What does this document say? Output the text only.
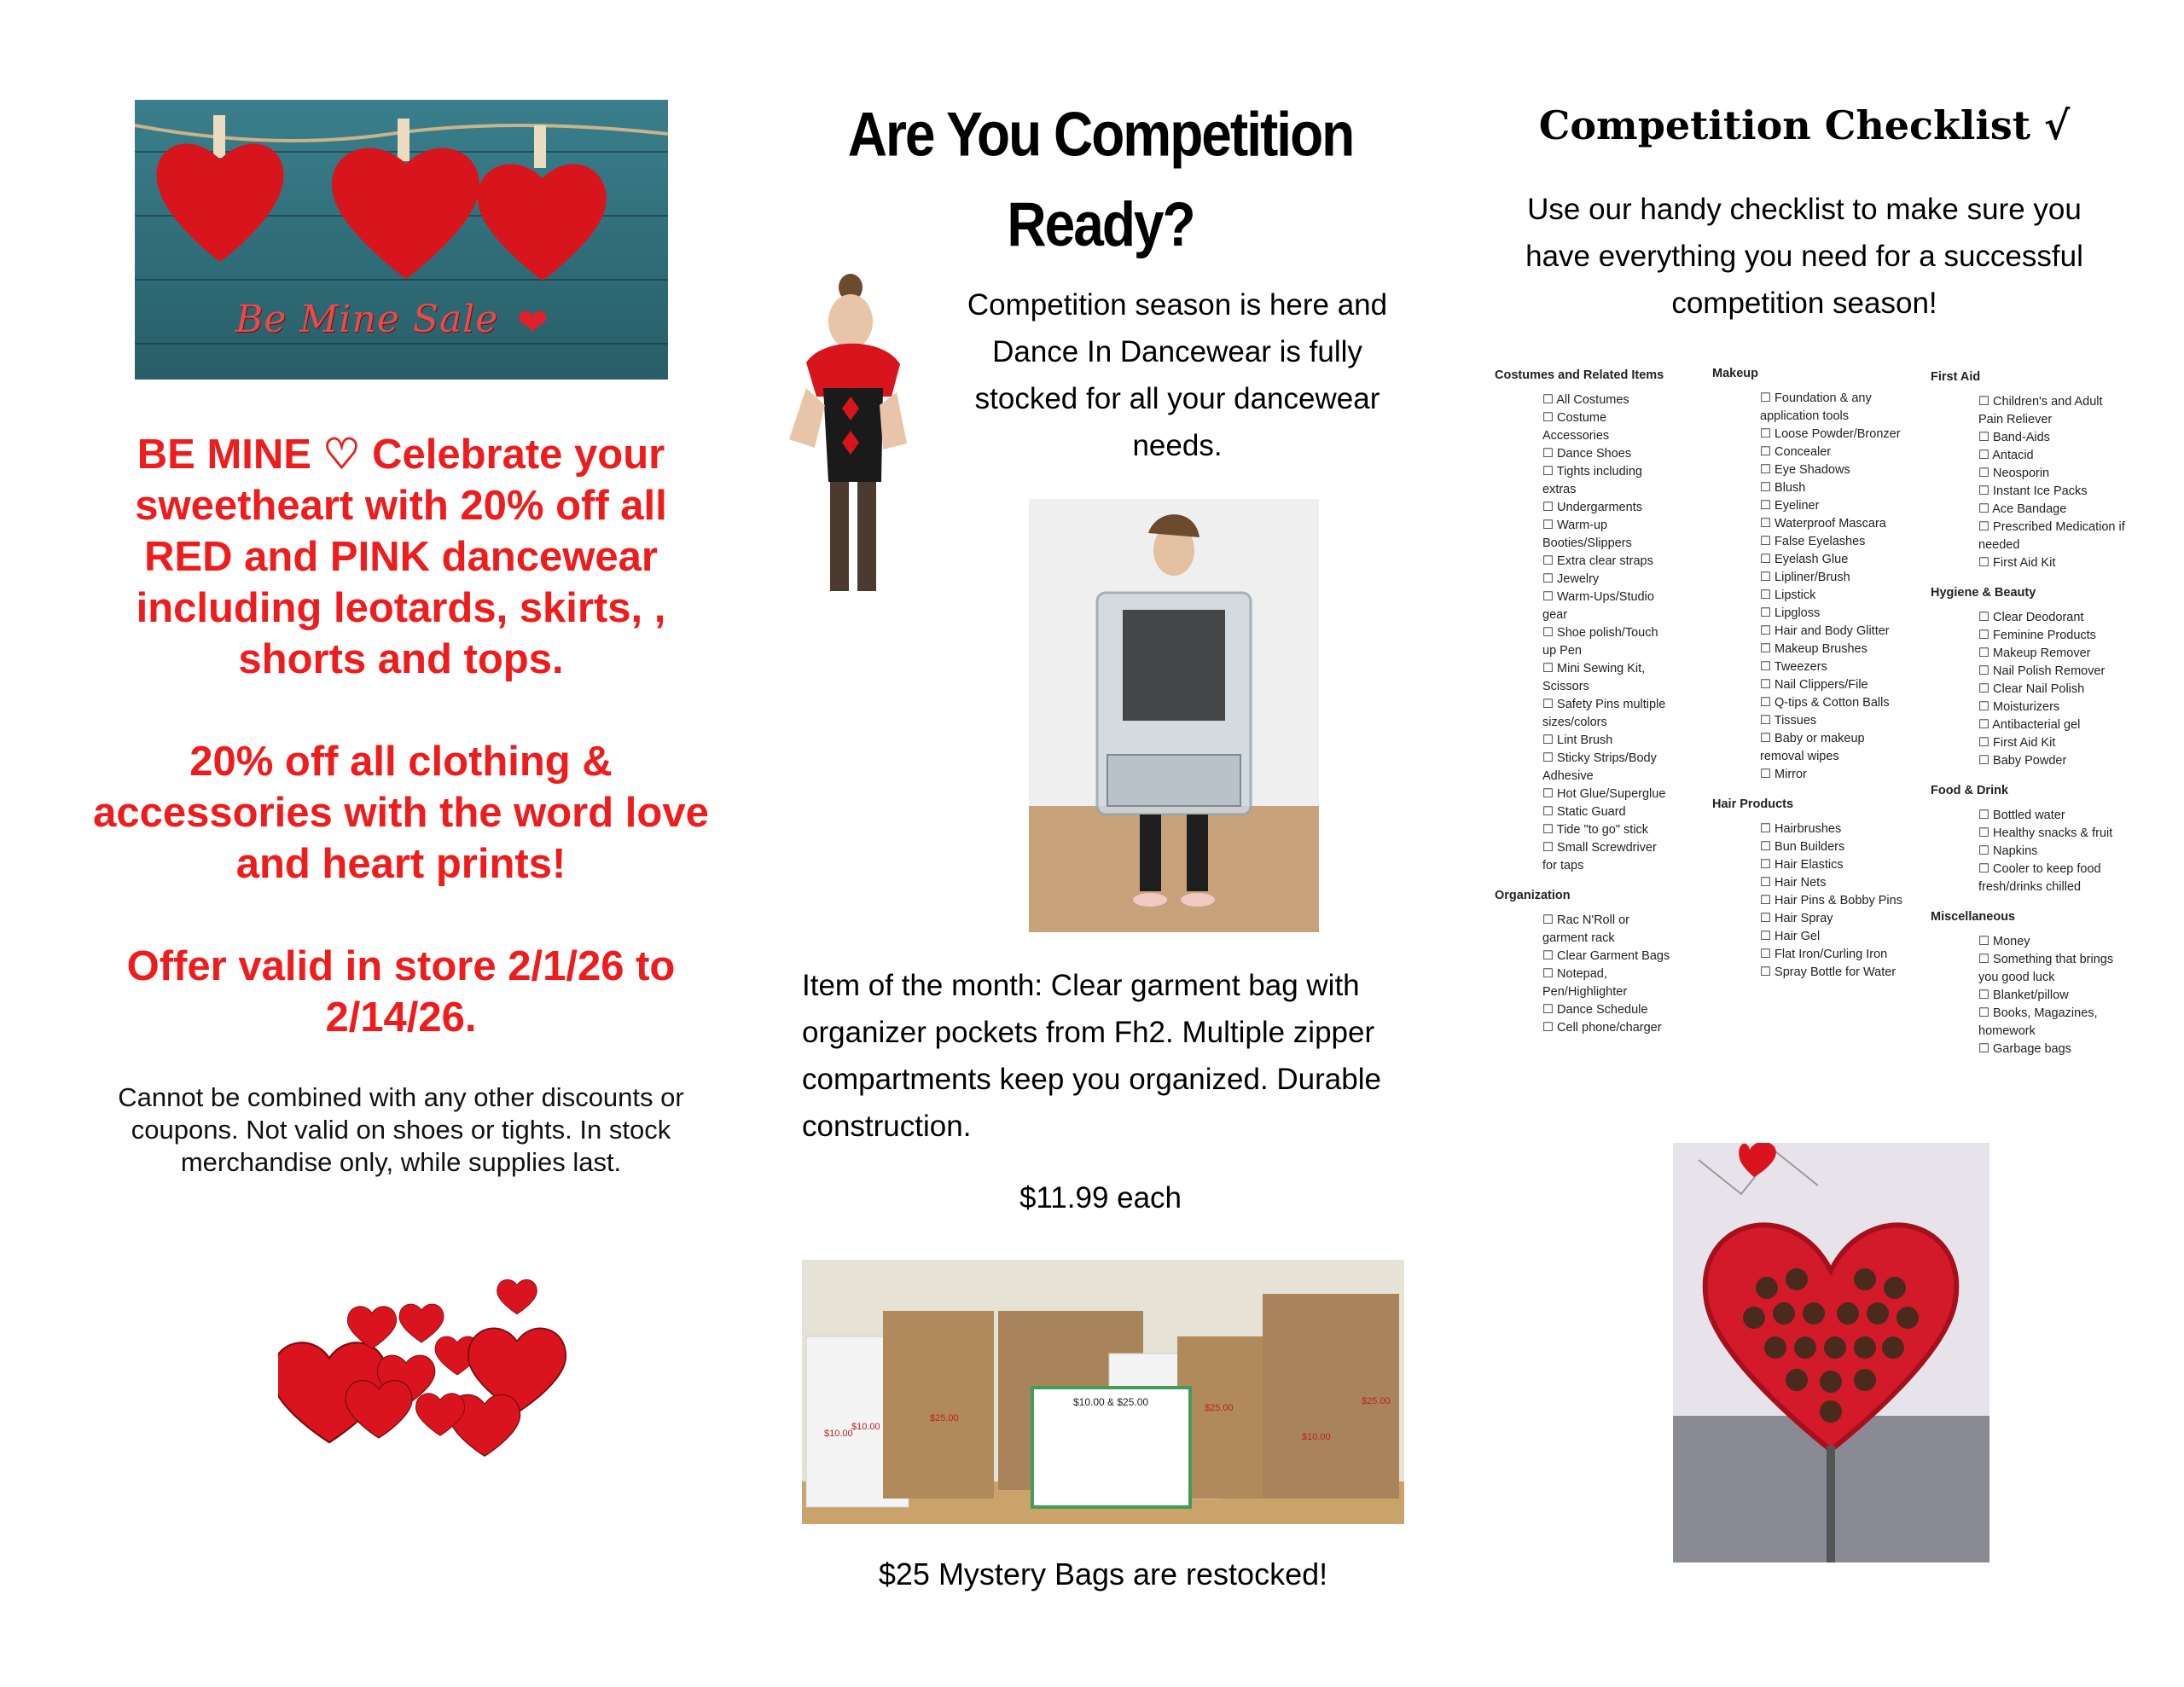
Be Mine Sale ❤

BE MINE ♡ Celebrate your sweetheart with 20% off all RED and PINK dancewear including leotards, skirts, , shorts and tops.

20% off all clothing & accessories with the word love and heart prints!

Offer valid in store 2/1/26 to 2/14/26.

Cannot be combined with any other discounts or coupons. Not valid on shoes or tights. In stock merchandise only, while supplies last.
Are You Competition Ready?
Competition season is here and Dance In Dancewear is fully stocked for all your dancewear needs.
Item of the month: Clear garment bag with organizer pockets from Fh2. Multiple zipper compartments keep you organized. Durable construction.
$11.99 each
$10.00
$25.00
$10.00 & $25.00	$25.00
$10.00
$25.00
$10.00
$25 Mystery Bags are restocked!
Competition Checklist √
Use our handy checklist to make sure you have everything you need for a successful competition season!
Costumes and Related Items
☐ All Costumes
☐ Costume Accessories
☐ Dance Shoes
☐ Tights including extras
☐ Undergarments
☐ Warm-up Booties/Slippers
☐ Extra clear straps
☐ Jewelry
☐ Warm-Ups/Studio gear
☐ Shoe polish/Touch up Pen
☐ Mini Sewing Kit, Scissors
☐ Safety Pins multiple sizes/colors
☐ Lint Brush
☐ Sticky Strips/Body Adhesive
☐ Hot Glue/Superglue
☐ Static Guard
☐ Tide "to go" stick
☐ Small Screwdriver for taps
Organization
☐ Rac N'Roll or garment rack
☐ Clear Garment Bags
☐ Notepad, Pen/Highlighter
☐ Dance Schedule
☐ Cell phone/charger
Makeup
☐ Foundation & any application tools
☐ Loose Powder/Bronzer
☐ Concealer
☐ Eye Shadows
☐ Blush
☐ Eyeliner
☐ Waterproof Mascara
☐ False Eyelashes
☐ Eyelash Glue
☐ Lipliner/Brush
☐ Lipstick
☐ Lipgloss
☐ Hair and Body Glitter
☐ Makeup Brushes
☐ Tweezers
☐ Nail Clippers/File
☐ Q-tips & Cotton Balls
☐ Tissues
☐ Baby or makeup removal wipes
☐ Mirror
Hair Products
☐ Hairbrushes
☐ Bun Builders
☐ Hair Elastics
☐ Hair Nets
☐ Hair Pins & Bobby Pins
☐ Hair Spray
☐ Hair Gel
☐ Flat Iron/Curling Iron
☐ Spray Bottle for Water
First Aid
☐ Children's and Adult Pain Reliever
☐ Band-Aids
☐ Antacid
☐ Neosporin
☐ Instant Ice Packs
☐ Ace Bandage
☐ Prescribed Medication if needed
☐ First Aid Kit
Hygiene & Beauty
☐ Clear Deodorant
☐ Feminine Products
☐ Makeup Remover
☐ Nail Polish Remover
☐ Clear Nail Polish
☐ Moisturizers
☐ Antibacterial gel
☐ First Aid Kit
☐ Baby Powder
Food & Drink
☐ Bottled water
☐ Healthy snacks & fruit
☐ Napkins
☐ Cooler to keep food fresh/drinks chilled
Miscellaneous
☐ Money
☐ Something that brings you good luck
☐ Blanket/pillow
☐ Books, Magazines, homework
☐ Garbage bags
